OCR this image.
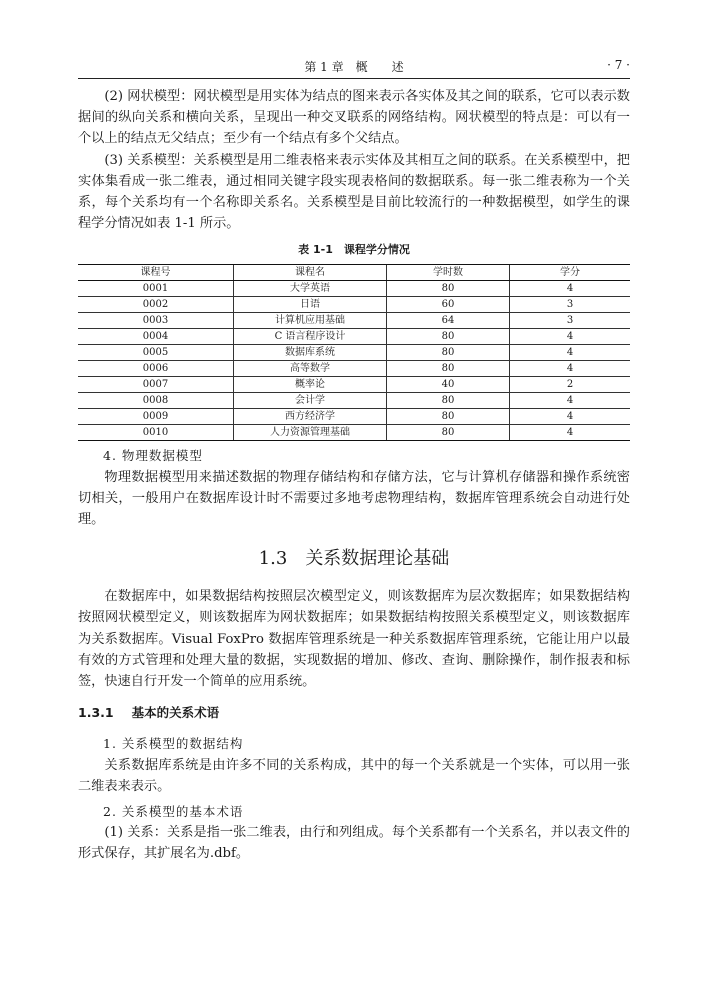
第 1 章　概　　述	· 7 ·

(2) 网状模型：网状模型是用实体为结点的图来表示各实体及其之间的联系，它可以表示数据间的纵向关系和横向关系，呈现出一种交叉联系的网络结构。网状模型的特点是：可以有一个以上的结点无父结点；至少有一个结点有多个父结点。

(3) 关系模型：关系模型是用二维表格来表示实体及其相互之间的联系。在关系模型中，把实体集看成一张二维表，通过相同关键字段实现表格间的数据联系。每一张二维表称为一个关系，每个关系均有一个名称即关系名。关系模型是目前比较流行的一种数据模型，如学生的课程学分情况如表 1-1 所示。

表 1-1　课程学分情况
课程号	课程名	学时数	学分
0001	大学英语	80	4
0002	日语	60	3
0003	计算机应用基础	64	3
0004	C 语言程序设计	80	4
0005	数据库系统	80	4
0006	高等数学	80	4
0007	概率论	40	2
0008	会计学	80	4
0009	西方经济学	80	4
0010	人力资源管理基础	80	4
4. 物理数据模型

物理数据模型用来描述数据的物理存储结构和存储方法，它与计算机存储器和操作系统密切相关，一般用户在数据库设计时不需要过多地考虑物理结构，数据库管理系统会自动进行处理。

1.3 关系数据理论基础

在数据库中，如果数据结构按照层次模型定义，则该数据库为层次数据库；如果数据结构按照网状模型定义，则该数据库为网状数据库；如果数据结构按照关系模型定义，则该数据库为关系数据库。Visual FoxPro 数据库管理系统是一种关系数据库管理系统，它能让用户以最有效的方式管理和处理大量的数据，实现数据的增加、修改、查询、删除操作，制作报表和标签，快速自行开发一个简单的应用系统。

1.3.1 基本的关系术语
1. 关系模型的数据结构

关系数据库系统是由许多不同的关系构成，其中的每一个关系就是一个实体，可以用一张二维表来表示。

2. 关系模型的基本术语

(1) 关系：关系是指一张二维表，由行和列组成。每个关系都有一个关系名，并以表文件的形式保存，其扩展名为.dbf。
